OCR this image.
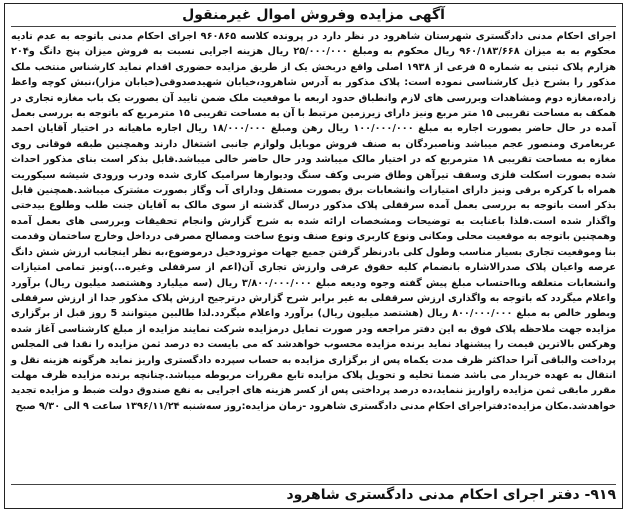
آگهی مزایده وفروش اموال غیرمنقول

اجرای احکام مدنی دادگستری شهرستان شاهرود در نظر دارد در پرونده کلاسه ۹۶۰۸۶۵ اجرای احکام مدنی باتوجه به عدم تادیه محکوم به به میزان ۹۶۰/۱۸۳/۶۶۸ ریال محکوم به ومبلغ ۲۵/۰۰۰/۰۰۰ ریال هزینه اجرایی نسبت به فروش میزان پنج دانگ و۲۰۴ هزارم پلاک ثبتی به شماره ۵ فرعی از ۱۹۳۸ اصلی واقع دربخش یک از طریق مزایده حضوری اقدام نماید کارشناس منتخب ملک مذکور را بشرح ذیل کارشناسی نموده است: پلاک مذکور به آدرس شاهرود،خیابان شهیدصدوقی(خیابان مزار)،نبش کوچه واعظ زاده،مغازه دوم ومشاهدات وبررسی های لازم وانطباق حدود اربعه با موقعیت ملک ضمن تایید آن بصورت یک باب مغازه تجاری در همکف به مساحت تقریبی ۱۵ متر مربع ونیز دارای زیرزمین مرتبط با آن به مساحت تقریبی ۱۵ مترمربع که باتوجه به بررسی بعمل آمده در حال حاضر بصورت اجاره به مبلغ ۱۰۰/۰۰۰/۰۰۰ ریال رهن ومبلغ ۱۸/۰۰۰/۰۰۰ ریال اجاره ماهیانه در اختیار آقایان احمد عربعامری ومنصور عجم میباشد وناصبردگان به صنف فروش موبایل ولوازم جانبی اشتغال دارند وهمچنین طبقه فوقانی روی مغازه به مساحت تقریبی ۱۸ مترمربع که در اختیار مالک میباشد ودر حال حاضر خالی میباشد.قابل بذکر است بنای مذکور احداث شده بصورت اسکلت فلزی وسقف تیرآهن وطاق ضربی وکف سنگ ودیوارها سرامیک کاری شده ودرب ورودی شیشه سیکوریت همراه با کرکره برقی ونیز دارای امتیازات وانشعابات برق بصورت مستقل ودارای آب وگاز بصورت مشترک میباشد.همچنین قابل بذکر است باتوجه به بررسی بعمل آمده سرقفلی پلاک مذکور درسال گذشته از سوی مالک به آقایان جنت طلب وطلوع بیدختی واگذار شده است.فلذا باعنایت به توضیحات ومشخصات ارائه شده به شرح گزارش وانجام تحقیقات وبررسی های بعمل آمده وهمچنین باتوجه به موقعیت محلی ومکانی ونوع کاربری ونوع صنف ونوع ساخت ومصالح مصرفی درداخل وخارج ساختمان وقدمت بنا وموقعیت تجاری بسیار مناسب وطول کلی بادرنظر گرفتن جمیع جهات موثرودخیل درموضوع،به نظر اینجانب ارزش شش دانگ عرصه واعیان پلاک صدرالاشاره بانضمام کلیه حقوق عرفی وارزش تجاری آن(اعم از سرقفلی وغیره...)ونیز تمامی امتیازات وانشعابات متعلقه وبااحتساب مبلغ پیش گفته وجوه ودیعه مبلغ ۳/۸۰۰/۰۰۰/۰۰۰ ریال (سه میلیارد وهشتصد میلیون ریال) برآورد واعلام میگردد که باتوجه به واگذاری ارزش سرقفلی به غیر برابر شرح گزارش درترجیح ارزش پلاک مذکور جدا از ارزش سرقفلی وبطور خالص به مبلغ ۸۰۰/۰۰۰/۰۰۰ ریال (هشتصد میلیون ریال) برآورد واعلام میگردد.لذا طالبین میتوانند 5 روز قبل از برگزاری مزایده جهت ملاحظه پلاک فوق به این دفتر مراجعه ودر صورت تمایل درمزایده شرکت نمایند مزایده از مبلغ کارشناسی آغاز شده وهرکس بالاترین قیمت را پیشنهاد نماید برنده مزایده محسوب خواهدشد که می بایست ده درصد ثمن مزایده را نقدا فی المجلس پرداخت والباقی آنرا حداکثر ظرف مدت یکماه پس از برگزاری مزایده به حساب سپرده دادگستری واریز نماید هرگونه هزینه نقل و انتقال به عهده خریدار می باشد ضمنا تخلیه و تحویل پلاک مزایده تابع مقررات مربوطه میباشد.چنانچه برنده مزایده ظرف مهلت مقرر مابقی ثمن مزایده راواریز ننماید،ده درصد پرداختی پس از کسر هزینه های اجرایی به نفع صندوق دولت ضبط و مزایده تجدید خواهدشد.مکان مزایده:دفتراجرای احکام مدنی دادگستری شاهرود -زمان مزایده:روز سه‌شنبه ۱۳۹۶/۱۱/۲۴ ساعت ۹ الی ۹/۳۰ صبح

۹۱۹- دفتر اجرای احکام مدنی دادگستری شاهرود
